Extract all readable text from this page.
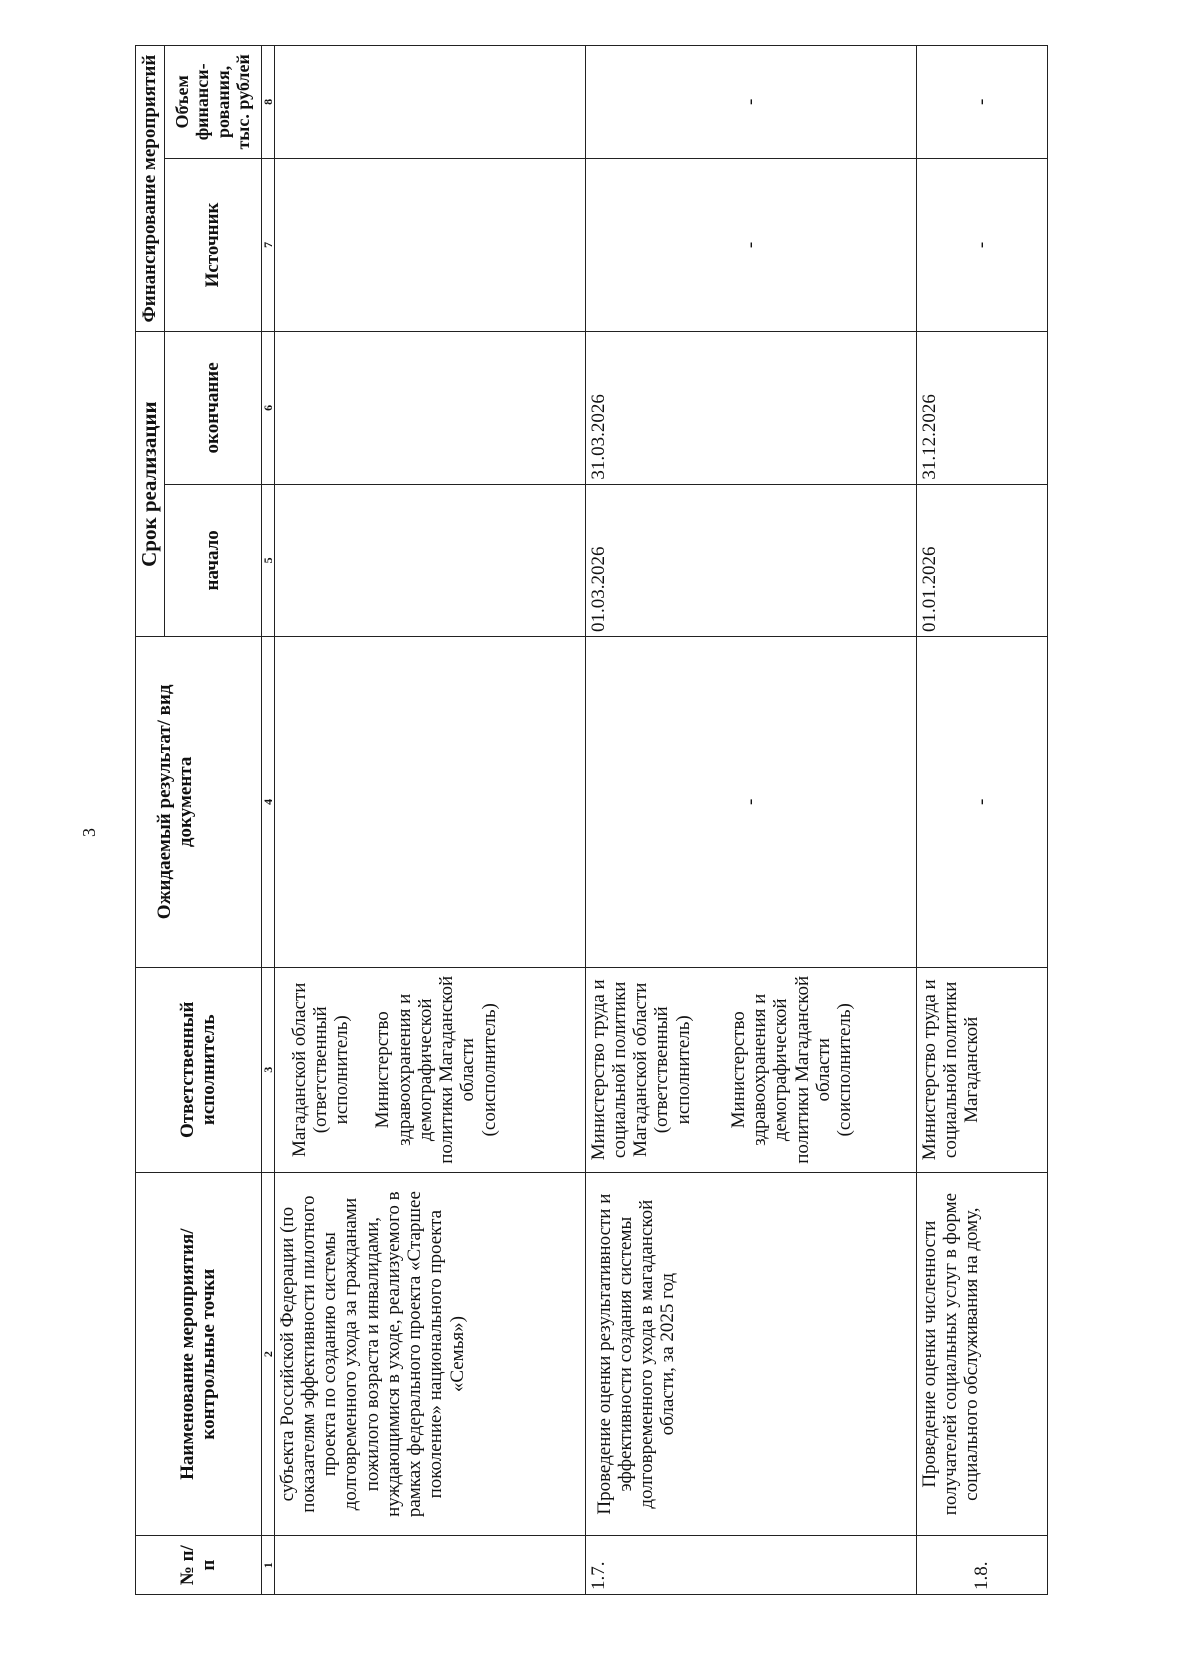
3
№ п/п	Наименование мероприятия/ контрольные точки	Ответственный исполнитель	Ожидаемый результат/ вид документа	Срок реализации		Финансирование мероприятий	
				начало	окончание	Источник	Объем финанси-рования, тыс. рублей
1	2	3	4	5	6	7	8
	субъекта Российской Федерации (по показателям эффективности пилотного проекта по созданию системы долговременного ухода за гражданами пожилого возраста и инвалидами, нуждающимися в уходе, реализуемого в рамках федерального проекта «Старшее поколение» национального проекта «Семья»)	Магаданской области (ответственный исполнитель) Министерство здравоохранения и демографической политики Магаданской области (соисполнитель)					

1.7.	Проведение оценки результативности и эффективности создания системы долговременного ухода в магаданской области, за 2025 год	Министерство труда и социальной политики Магаданской области (ответственный исполнитель) Министерство здравоохранения и демографической политики Магаданской области (соисполнитель)	-	01.03.2026	31.03.2026	-	-
1.8.	Проведение оценки численности получателей социальных услуг в форме социального обслуживания на дому,	Министерство труда и социальной политики Магаданской	-	01.01.2026	31.12.2026	-	-
